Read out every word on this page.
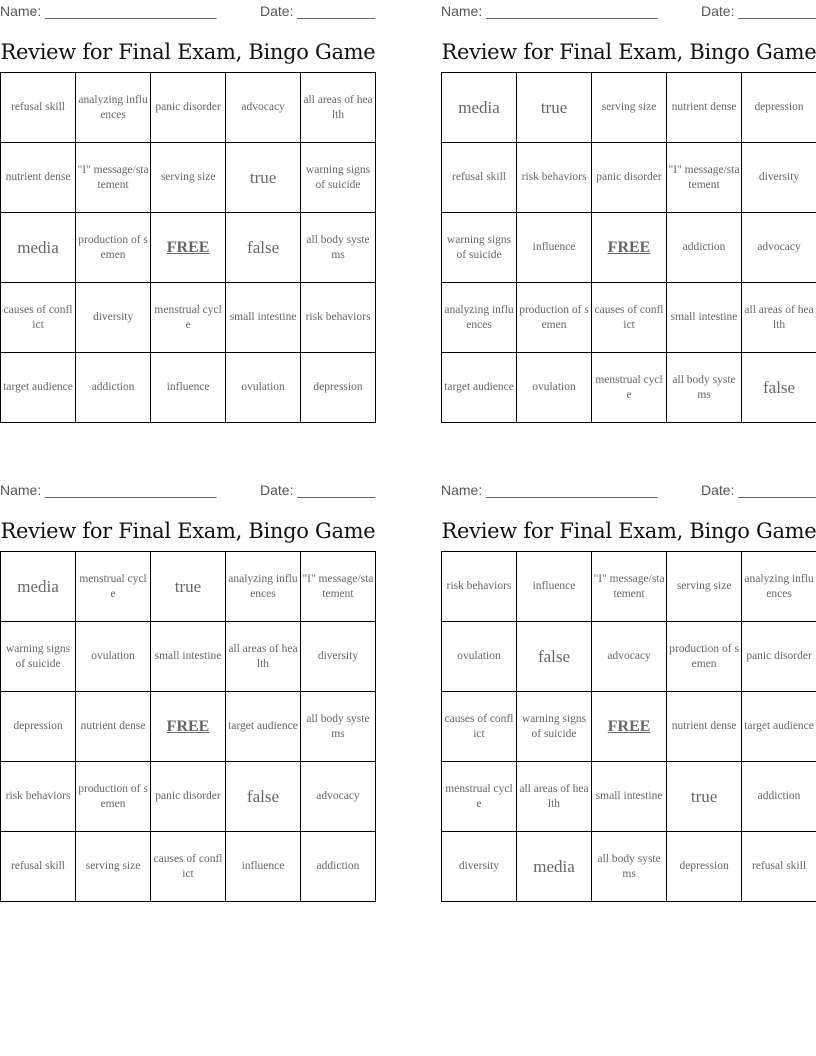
Name: ______________________	Date: __________
Review for Final Exam, Bingo Game
refusal skill	analyzing influences	panic disorder	advocacy	all areas of health
nutrient dense	"I" message/statement	serving size	true	warning signs of suicide
media	production of semen	FREE	false	all body systems
causes of conflict	diversity	menstrual cycle	small intestine	risk behaviors
target audience	addiction	influence	ovulation	depression
Name: ______________________	Date: __________
Review for Final Exam, Bingo Game
media	true	serving size	nutrient dense	depression
refusal skill	risk behaviors	panic disorder	"I" message/statement	diversity
warning signs of suicide	influence	FREE	addiction	advocacy
analyzing influences	production of semen	causes of conflict	small intestine	all areas of health
target audience	ovulation	menstrual cycle	all body systems	false
Name: ______________________	Date: __________
Review for Final Exam, Bingo Game
media	menstrual cycle	true	analyzing influences	"I" message/statement
warning signs of suicide	ovulation	small intestine	all areas of health	diversity
depression	nutrient dense	FREE	target audience	all body systems
risk behaviors	production of semen	panic disorder	false	advocacy
refusal skill	serving size	causes of conflict	influence	addiction
Name: ______________________	Date: __________
Review for Final Exam, Bingo Game
risk behaviors	influence	"I" message/statement	serving size	analyzing influences
ovulation	false	advocacy	production of semen	panic disorder
causes of conflict	warning signs of suicide	FREE	nutrient dense	target audience
menstrual cycle	all areas of health	small intestine	true	addiction
diversity	media	all body systems	depression	refusal skill
